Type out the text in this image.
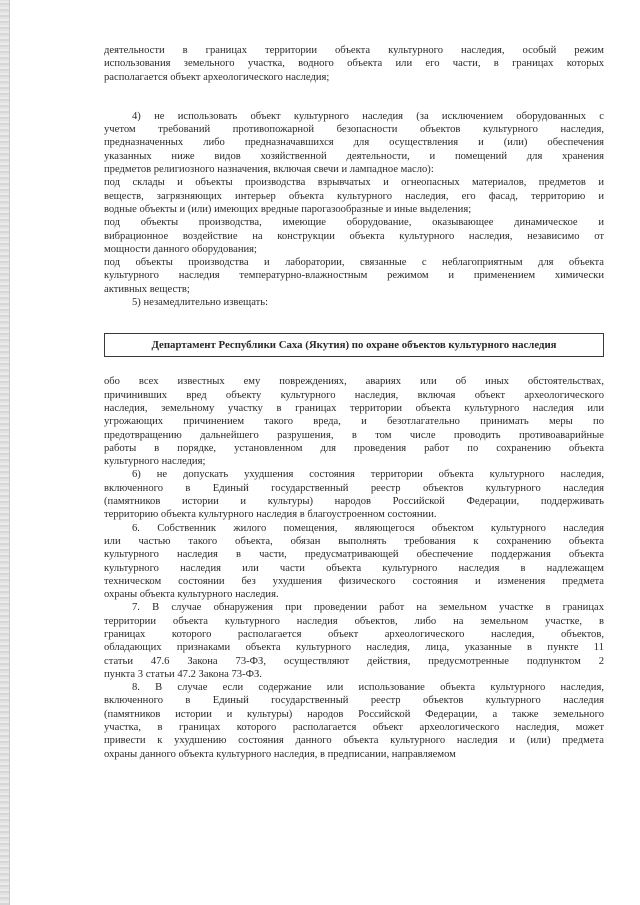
деятельности в границах территории объекта культурного наследия, особый режим
использования земельного участка, водного объекта или его части, в границах которых
располагается объект археологического наследия;
4) не использовать объект культурного наследия (за исключением оборудованных с
учетом требований противопожарной безопасности объектов культурного наследия,
предназначенных либо предназначавшихся для осуществления и (или) обеспечения
указанных ниже видов хозяйственной деятельности, и помещений для хранения
предметов религиозного назначения, включая свечи и лампадное масло):
под склады и объекты производства взрывчатых и огнеопасных материалов, предметов и
веществ, загрязняющих интерьер объекта культурного наследия, его фасад, территорию и
водные объекты и (или) имеющих вредные парогазообразные и иные выделения;
под объекты производства, имеющие оборудование, оказывающее динамическое и
вибрационное воздействие на конструкции объекта культурного наследия, независимо от
мощности данного оборудования;
под объекты производства и лаборатории, связанные с неблагоприятным для объекта
культурного наследия температурно-влажностным режимом и применением химически
активных веществ;
5) незамедлительно извещать:
Департамент Республики Саха (Якутия) по охране объектов культурного наследия
обо всех известных ему повреждениях, авариях или об иных обстоятельствах,
причинивших вред объекту культурного наследия, включая объект археологического
наследия, земельному участку в границах территории объекта культурного наследия или
угрожающих причинением такого вреда, и безотлагательно принимать меры по
предотвращению дальнейшего разрушения, в том числе проводить противоаварийные
работы в порядке, установленном для проведения работ по сохранению объекта
культурного наследия;
6) не допускать ухудшения состояния территории объекта культурного наследия,
включенного в Единый государственный реестр объектов культурного наследия
(памятников истории и культуры) народов Российской Федерации, поддерживать
территорию объекта культурного наследия в благоустроенном состоянии.
6. Собственник жилого помещения, являющегося объектом культурного наследия
или частью такого объекта, обязан выполнять требования к сохранению объекта
культурного наследия в части, предусматривающей обеспечение поддержания объекта
культурного наследия или части объекта культурного наследия в надлежащем
техническом состоянии без ухудшения физического состояния и изменения предмета
охраны объекта культурного наследия.
7. В случае обнаружения при проведении работ на земельном участке в границах
территории объекта культурного наследия объектов, либо на земельном участке, в
границах которого располагается объект археологического наследия, объектов,
обладающих признаками объекта культурного наследия, лица, указанные в пункте 11
статьи 47.6 Закона 73-ФЗ, осуществляют действия, предусмотренные подпунктом 2
пункта 3 статьи 47.2 Закона 73-ФЗ.
8. В случае если содержание или использование объекта культурного наследия,
включенного в Единый государственный реестр объектов культурного наследия
(памятников истории и культуры) народов Российской Федерации, а также земельного
участка, в границах которого располагается объект археологического наследия, может
привести к ухудшению состояния данного объекта культурного наследия и (или) предмета
охраны данного объекта культурного наследия, в предписании, направляемом
